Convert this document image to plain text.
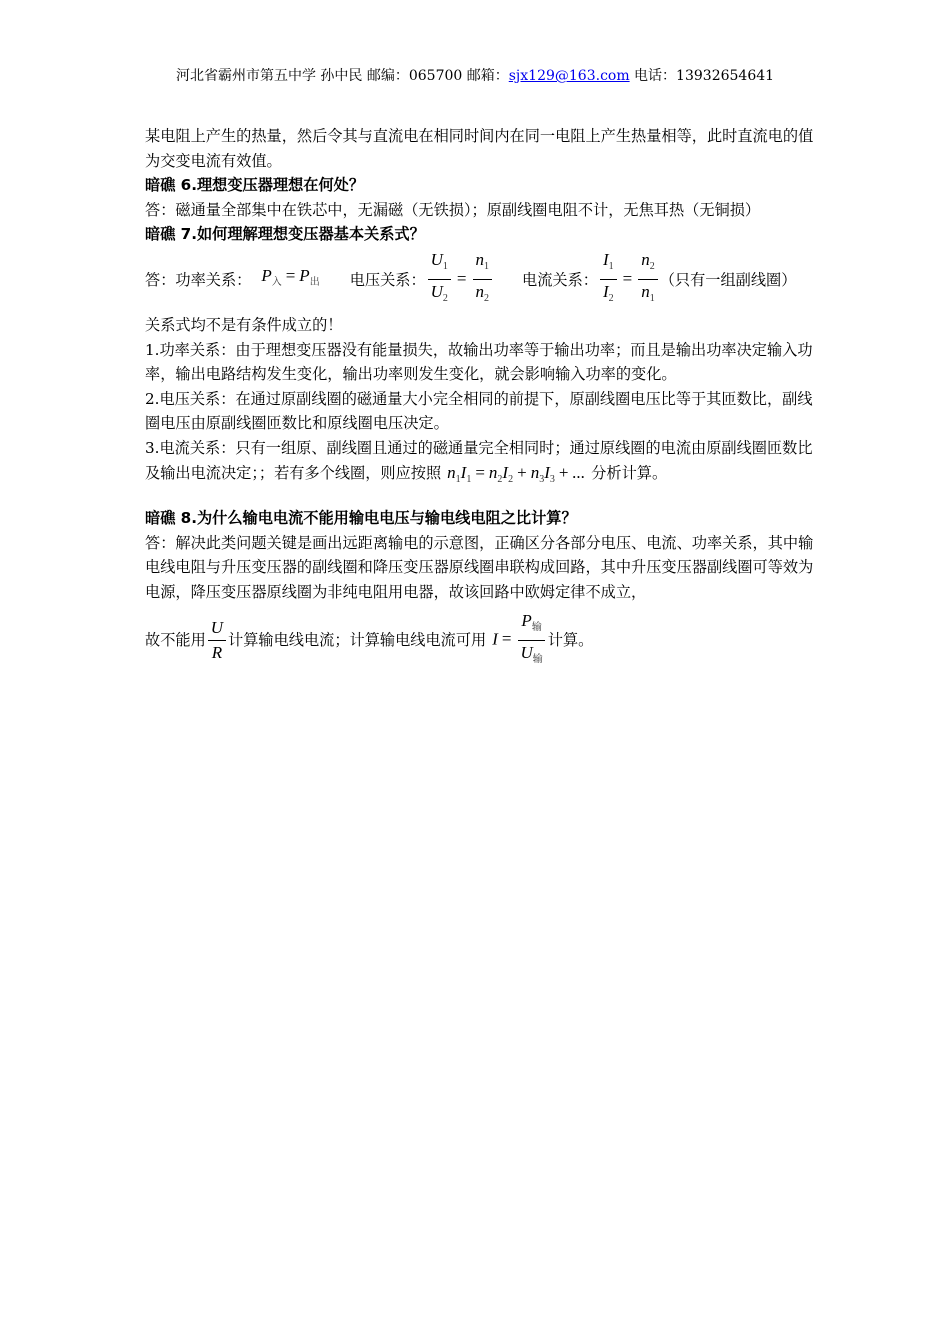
河北省霸州市第五中学 孙中民 邮编：065700 邮箱：sjx129@163.com 电话：13932654641

某电阻上产生的热量，然后令其与直流电在相同时间内在同一电阻上产生热量相等，此时直流电的值为交变电流有效值。

暗礁 6.理想变压器理想在何处？

答：磁通量全部集中在铁芯中，无漏磁（无铁损）；原副线圈电阻不计，无焦耳热（无铜损）

暗礁 7.如何理解理想变压器基本关系式？

答：功率关系： $P_入 = P_出$ 电压关系： $\frac{U_1}{U_2} = \frac{n_1}{n_2}$ 电流关系： $\frac{I_1}{I_2} = \frac{n_2}{n_1}$ （只有一组副线圈）

关系式均不是有条件成立的！

1.功率关系：由于理想变压器没有能量损失，故输出功率等于输出功率；而且是输出功率决定输入功率，输出电路结构发生变化，输出功率则发生变化，就会影响输入功率的变化。

2.电压关系：在通过原副线圈的磁通量大小完全相同的前提下，原副线圈电压比等于其匝数比，副线圈电压由原副线圈匝数比和原线圈电压决定。

3.电流关系：只有一组原、副线圈且通过的磁通量完全相同时；通过原线圈的电流由原副线圈匝数比及输出电流决定；；若有多个线圈，则应按照 $n_1I_1 = n_2I_2 + n_3I_3$ + ... 分析计算。

暗礁 8.为什么输电电流不能用输电电压与输电线电阻之比计算？

答：解决此类问题关键是画出远距离输电的示意图，正确区分各部分电压、电流、功率关系，其中输电线电阻与升压变压器的副线圈和降压变压器原线圈串联构成回路，其中升压变压器副线圈可等效为电源，降压变压器原线圈为非纯电阻用电器，故该回路中欧姆定律不成立，

故不能用 $\frac{U}{R}$ 计算输电线电流；计算输电线电流可用 $I = \frac{P_输}{U_输}$ 计算。
